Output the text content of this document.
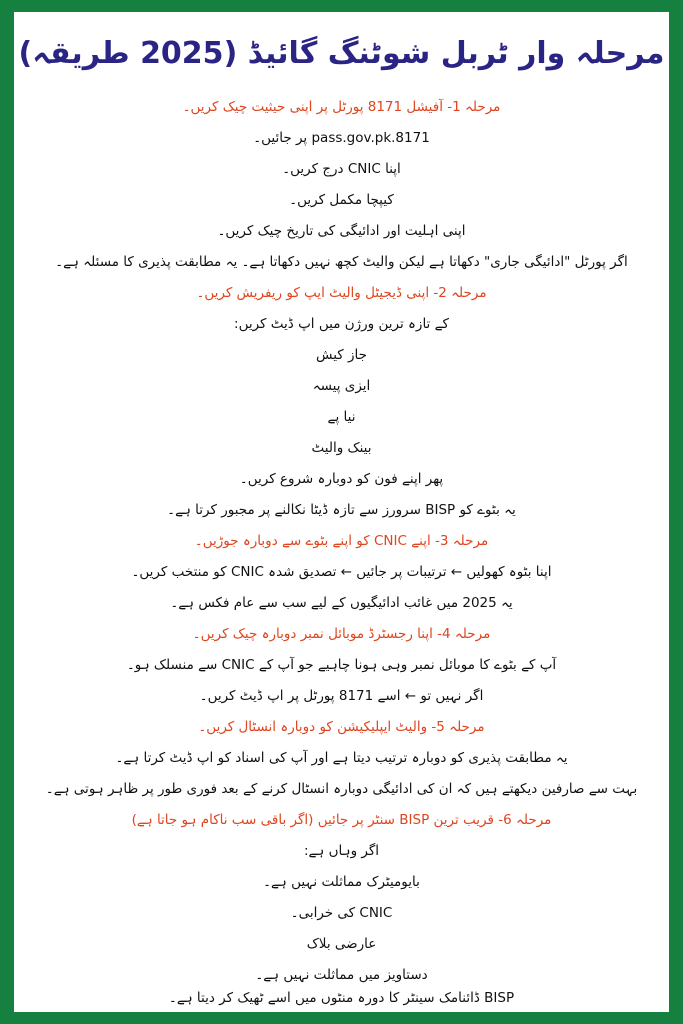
مرحلہ وار ٹربل شوٹنگ گائیڈ (2025 طریقہ)
مرحلہ 1- آفیشل 8171 پورٹل پر اپنی حیثیت چیک کریں۔
pass.gov.pk.8171 پر جائیں۔
اپنا CNIC درج کریں۔
کیپچا مکمل کریں۔
اپنی اہلیت اور ادائیگی کی تاریخ چیک کریں۔
اگر پورٹل "ادائیگی جاری" دکھاتا ہے لیکن والیٹ کچھ نہیں دکھاتا ہے۔ یہ مطابقت پذیری کا مسئلہ ہے۔
مرحلہ 2- اپنی ڈیجیٹل والیٹ ایپ کو ریفریش کریں۔
کے تازہ ترین ورژن میں اپ ڈیٹ کریں:
جاز کیش
ایزی پیسہ
نیا پے
بینک والیٹ
پھر اپنے فون کو دوبارہ شروع کریں۔
یہ بٹوے کو BISP سرورز سے تازہ ڈیٹا نکالنے پر مجبور کرتا ہے۔
مرحلہ 3- اپنے CNIC کو اپنے بٹوے سے دوبارہ جوڑیں۔
اپنا بٹوہ کھولیں ← ترتیبات پر جائیں ← تصدیق شدہ CNIC کو منتخب کریں۔
یہ 2025 میں غائب ادائیگیوں کے لیے سب سے عام فکس ہے۔
مرحلہ 4- اپنا رجسٹرڈ موبائل نمبر دوبارہ چیک کریں۔
آپ کے بٹوے کا موبائل نمبر وہی ہونا چاہیے جو آپ کے CNIC سے منسلک ہو۔
اگر نہیں تو ← اسے 8171 پورٹل پر اپ ڈیٹ کریں۔
مرحلہ 5- والیٹ ایپلیکیشن کو دوبارہ انسٹال کریں۔
یہ مطابقت پذیری کو دوبارہ ترتیب دیتا ہے اور آپ کی اسناد کو اپ ڈیٹ کرتا ہے۔
بہت سے صارفین دیکھتے ہیں کہ ان کی ادائیگی دوبارہ انسٹال کرنے کے بعد فوری طور پر ظاہر ہوتی ہے۔
مرحلہ 6- قریب ترین BISP سنٹر پر جائیں (اگر باقی سب ناکام ہو جاتا ہے)
اگر وہاں ہے:
بایومیٹرک مماثلت نہیں ہے۔
CNIC کی خرابی۔
عارضی بلاک
دستاویز میں مماثلت نہیں ہے۔
BISP ڈائنامک سینٹر کا دورہ منٹوں میں اسے ٹھیک کر دیتا ہے۔
